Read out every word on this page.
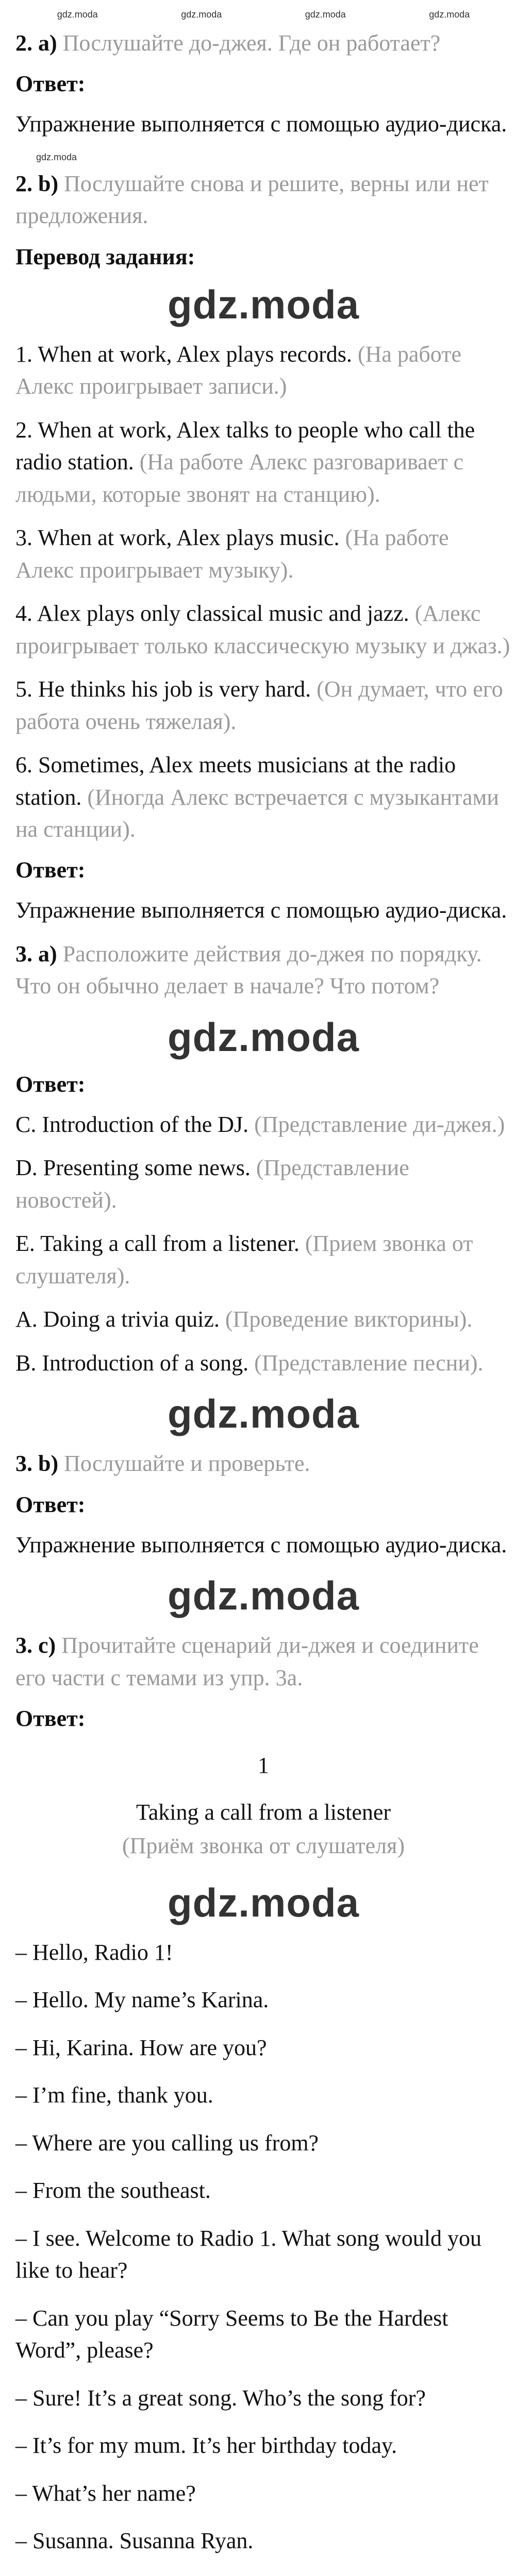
gdz.moda	gdz.moda	gdz.moda	gdz.moda
2. a) Послушайте до-джея. Где он работает?
Ответ:
Упражнение выполняется с помощью аудио-диска.
gdz.moda
2. b) Послушайте снова и решите, верны или нет предложения.
Перевод задания:
gdz.moda
1. When at work, Alex plays records. (На работе Алекс проигрывает записи.)
2. When at work, Alex talks to people who call the radio station. (На работе Алекс разговаривает с людьми, которые звонят на станцию).
3. When at work, Alex plays music. (На работе Алекс проигрывает музыку).
4. Alex plays only classical music and jazz. (Алекс проигрывает только классическую музыку и джаз.)
5. He thinks his job is very hard. (Он думает, что его работа очень тяжелая).
6. Sometimes, Alex meets musicians at the radio station. (Иногда Алекс встречается с музыкантами на станции).
Ответ:
Упражнение выполняется с помощью аудио-диска.
3. a) Расположите действия до-джея по порядку. Что он обычно делает в начале? Что потом?
gdz.moda
Ответ:
C. Introduction of the DJ. (Представление ди-джея.)
D. Presenting some news. (Представление новостей).
E. Taking a call from a listener. (Прием звонка от слушателя).
A. Doing a trivia quiz. (Проведение викторины).
B. Introduction of a song. (Представление песни).
gdz.moda
3. b) Послушайте и проверьте.
Ответ:
Упражнение выполняется с помощью аудио-диска.
gdz.moda
3. c) Прочитайте сценарий ди-джея и соедините его части с темами из упр. 3a.
Ответ:
1
Taking a call from a listener
(Приём звонка от слушателя)
gdz.moda
– Hello, Radio 1!
– Hello. My name’s Karina.
– Hi, Karina. How are you?
– I’m fine, thank you.
– Where are you calling us from?
– From the southeast.
– I see. Welcome to Radio 1. What song would you like to hear?
– Can you play “Sorry Seems to Be the Hardest Word”, please?
– Sure! It’s a great song. Who’s the song for?
– It’s for my mum. It’s her birthday today.
– What’s her name?
– Susanna. Susanna Ryan.
